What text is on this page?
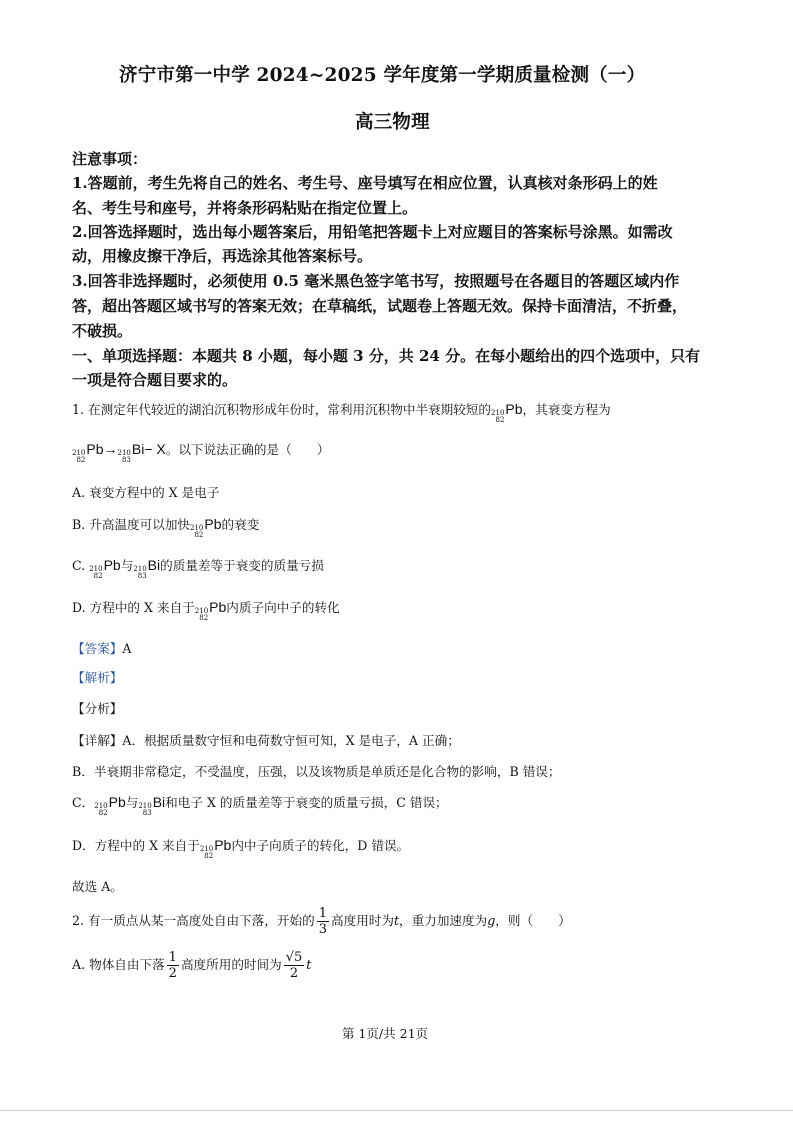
济宁市第一中学 2024~2025 学年度第一学期质量检测（一）
高三物理
注意事项：
1.答题前，考生先将自己的姓名、考生号、座号填写在相应位置，认真核对条形码上的姓
名、考生号和座号，并将条形码粘贴在指定位置上。
2.回答选择题时，选出每小题答案后，用铅笔把答题卡上对应题目的答案标号涂黑。如需改
动，用橡皮擦干净后，再选涂其他答案标号。
3.回答非选择题时，必须使用 0.5 毫米黑色签字笔书写，按照题号在各题目的答题区域内作
答，超出答题区域书写的答案无效；在草稿纸，试题卷上答题无效。保持卡面清洁，不折叠，
不破损。
一、单项选择题：本题共 8 小题，每小题 3 分，共 24 分。在每小题给出的四个选项中，只有
一项是符合题目要求的。
1. 在测定年代较近的湖泊沉积物形成年份时，常利用沉积物中半衰期较短的 210
82
Pb，其衰变方程为
210
82
Pb→ 210
83
Bi− X。以下说法正确的是（　　）
A. 衰变方程中的 X 是电子
B. 升高温度可以加快 210
82
Pb的衰变
C. 210
82
Pb与 210
83
Bi的质量差等于衰变的质量亏损
D. 方程中的 X 来自于 210
82
Pb内质子向中子的转化
【答案】A
【解析】
【分析】
【详解】A．根据质量数守恒和电荷数守恒可知，X 是电子，A 正确；
B．半衰期非常稳定，不受温度，压强，以及该物质是单质还是化合物的影响，B 错误；
C． 210
82
Pb与 210
83
Bi和电子 X 的质量差等于衰变的质量亏损，C 错误；
D．方程中的 X 来自于 210
82
Pb内中子向质子的转化，D 错误。
故选 A。
2. 有一质点从某一高度处自由下落，开始的 $\frac{1}{3}$ 高度用时为t，重力加速度为g，则（　　）
A. 物体自由下落 $\frac{1}{2}$ 高度所用的时间为 $\frac{√5}{2}$ t
第 1页/共 21页
